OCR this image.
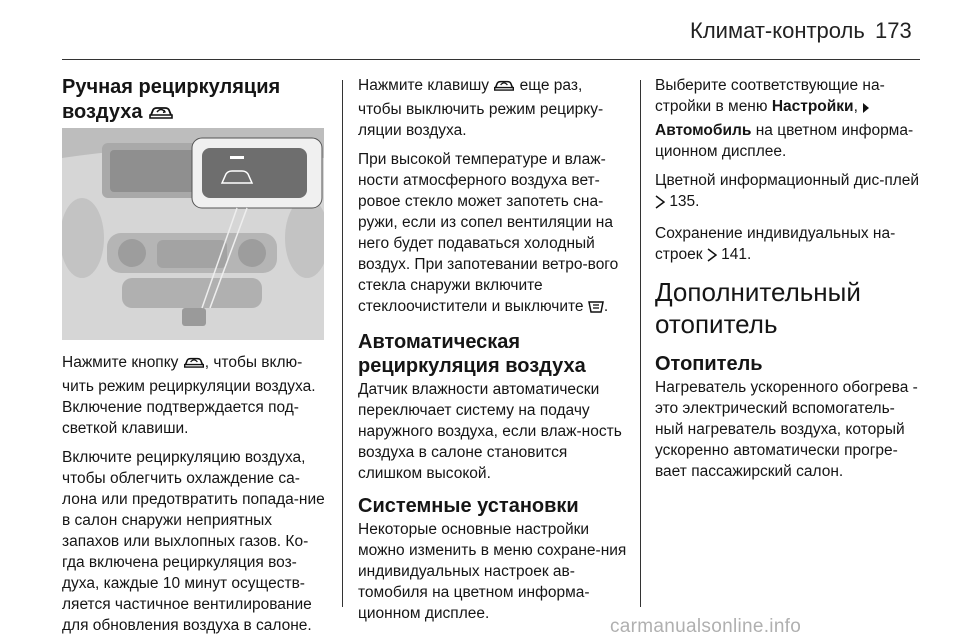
Климат-контроль 173
Ручная рециркуляция
воздуха

Нажмите кнопку , чтобы вклю-чить режим рециркуляции воздуха. Включение подтверждается под-светкой клавиши.

Включите рециркуляцию воздуха, чтобы облегчить охлаждение са-лона или предотвратить попада-ние в салон снаружи неприятных запахов или выхлопных газов. Ко-гда включена рециркуляция воз-духа, каждые 10 минут осуществ-ляется частичное вентилирование для обновления воздуха в салоне.

Нажмите клавишу  еще раз, чтобы выключить режим рецирку-ляции воздуха.

При высокой температуре и влаж-ности атмосферного воздуха вет-ровое стекло может запотеть сна-ружи, если из сопел вентиляции на него будет подаваться холодный воздух. При запотевании ветро-вого стекла снаружи включите стеклоочистители и выключите .

Автоматическая
рециркуляция воздуха

Датчик влажности автоматически переключает систему на подачу наружного воздуха, если влаж-ность воздуха в салоне становится слишком высокой.

Системные установки

Некоторые основные настройки можно изменить в меню сохране-ния индивидуальных настроек ав-томобиля на цветном информа-ционном дисплее.

Выберите соответствующие на-стройки в меню Настройки,  Автомобиль на цветном информа-ционном дисплее.

Цветной информационный дис-плей  135.

Сохранение индивидуальных на-строек 141.

Дополнительный
отопитель
Отопитель

Нагреватель ускоренного обогрева - это электрический вспомогатель-ный нагреватель воздуха, который ускоренно автоматически прогре-вает пассажирский салон.

carmanualsonline.info
